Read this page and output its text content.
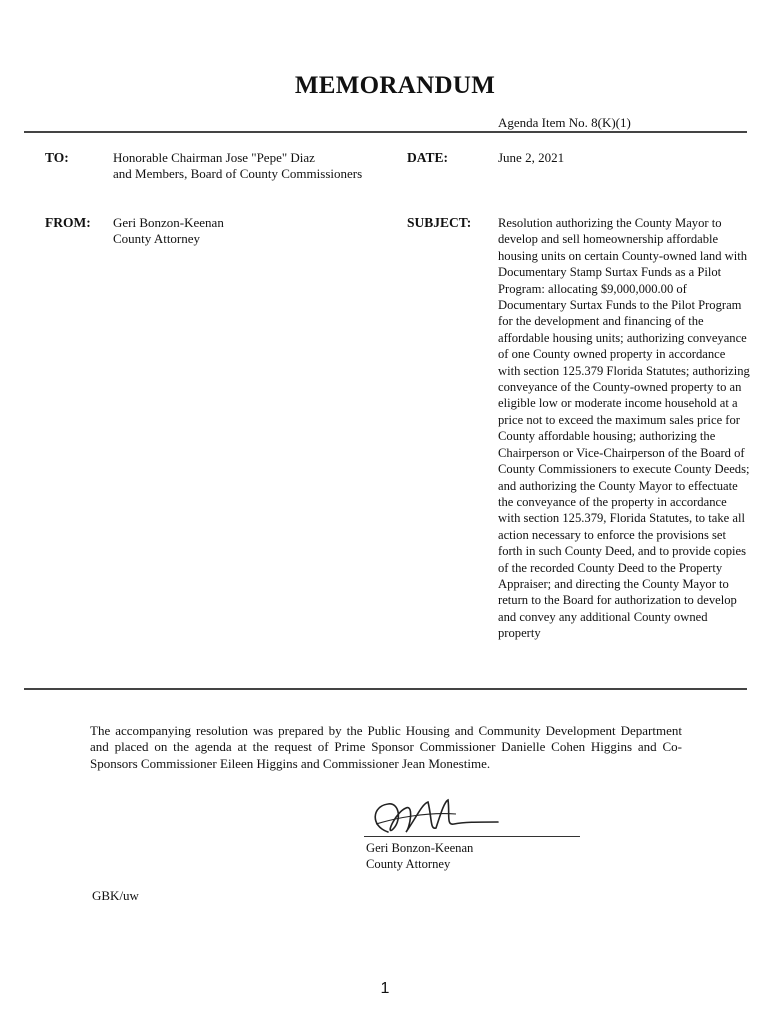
MEMORANDUM
Agenda Item No. 8(K)(1)
TO:	Honorable Chairman Jose "Pepe" Diaz
and Members, Board of County Commissioners
DATE:	June 2, 2021
FROM: Geri Bonzon-Keenan
County Attorney
SUBJECT: Resolution authorizing the County Mayor to develop and sell homeownership affordable housing units on certain County-owned land with Documentary Stamp Surtax Funds as a Pilot Program: allocating $9,000,000.00 of Documentary Surtax Funds to the Pilot Program for the development and financing of the affordable housing units; authorizing conveyance of one County owned property in accordance with section 125.379 Florida Statutes; authorizing conveyance of the County-owned property to an eligible low or moderate income household at a price not to exceed the maximum sales price for County affordable housing; authorizing the Chairperson or Vice-Chairperson of the Board of County Commissioners to execute County Deeds; and authorizing the County Mayor to effectuate the conveyance of the property in accordance with section 125.379, Florida Statutes, to take all action necessary to enforce the provisions set forth in such County Deed, and to provide copies of the recorded County Deed to the Property Appraiser; and directing the County Mayor to return to the Board for authorization to develop and convey any additional County owned property
The accompanying resolution was prepared by the Public Housing and Community Development Department and placed on the agenda at the request of Prime Sponsor Commissioner Danielle Cohen Higgins and Co-Sponsors Commissioner Eileen Higgins and Commissioner Jean Monestime.
Geri Bonzon-Keenan
County Attorney
GBK/uw
1
